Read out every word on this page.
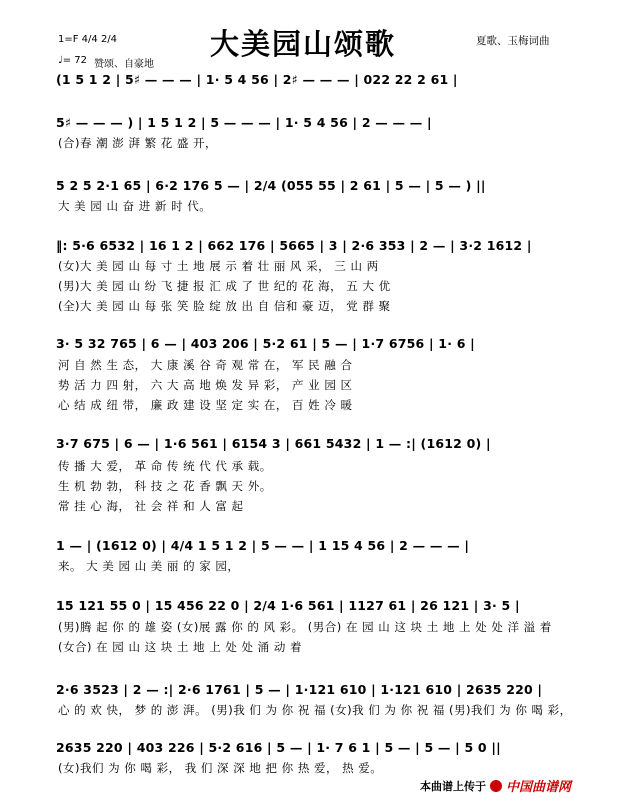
大美园山颂歌	夏歌、玉梅词曲
1=F 4/4 2/4
♩= 72 赞颂、自豪地
(1 5 1 2 | 5♯ — — — | 1· 5 4 56 | 2♯ — — — | 022 22 2 61 |
5♯ — — — ) | 1 5 1 2 | 5 — — — | 1· 5 4 56 | 2 — — — |
(合)春 潮 澎 湃 繁 花 盛 开，
5 2 5 2·1 65 | 6·2 176 5 — | 2/4 (055 55 | 2 61 | 5 — | 5 — ) ||
大 美 园 山 奋 进 新 时 代。
‖: 5·6 6532 | 16 1 2 | 662 176 | 5665 | 3 | 2·6 353 | 2 — | 3·2 1612 |
(女)大 美 园 山 每 寸 土 地 展 示 着 壮 丽 风 采， 三 山 两
(男)大 美 园 山 纷 飞 捷 报 汇 成 了 世 纪的 花 海， 五 大 优
(全)大 美 园 山 每 张 笑 脸 绽 放 出 自 信和 豪 迈， 党 群 聚
3· 5 32 765 | 6 — | 403 206 | 5·2 61 | 5 — | 1·7 6756 | 1· 6 |
河 自 然 生 态， 大 康 溪 谷 奇 观 常 在， 军 民 融 合
势 活 力 四 射， 六 大 高 地 焕 发 异 彩， 产 业 园 区
心 结 成 纽 带， 廉 政 建 设 坚 定 实 在， 百 姓 冷 暖
3·7 675 | 6 — | 1·6 561 | 6154 3 | 661 5432 | 1 — :| (1612 0) |
传 播 大 爱， 革 命 传 统 代 代 承 载。
生 机 勃 勃， 科 技 之 花 香 飘 天 外。
常 挂 心 海， 社 会 祥 和 人 富 起
1 — | (1612 0) | 4/4 1 5 1 2 | 5 — — | 1 15 4 56 | 2 — — — |
来。 大 美 园 山 美 丽 的 家 园，
15 121 55 0 | 15 456 22 0 | 2/4 1·6 561 | 1127 61 | 26 121 | 3· 5 |
(男)腾 起 你 的 雄 姿 (女)展 露 你 的 风 彩。 (男合) 在 园 山 这 块 土 地 上 处 处 洋 溢 着
(女合) 在 园 山 这 块 土 地 上 处 处 涌 动 着
2·6 3523 | 2 — :| 2·6 1761 | 5 — | 1·121 610 | 1·121 610 | 2635 220 |
心 的 欢 快， 梦 的 澎 湃。 (男)我 们 为 你 祝 福 (女)我 们 为 你 祝 福 (男)我们 为 你 喝 彩，
2635 220 | 403 226 | 5·2 616 | 5 — | 1· 7 6 1 | 5 — | 5 — | 5 0 ||
(女)我们 为 你 喝 彩， 我 们 深 深 地 把 你 热 爱， 热 爱。
本曲谱上传于 中国曲谱网
